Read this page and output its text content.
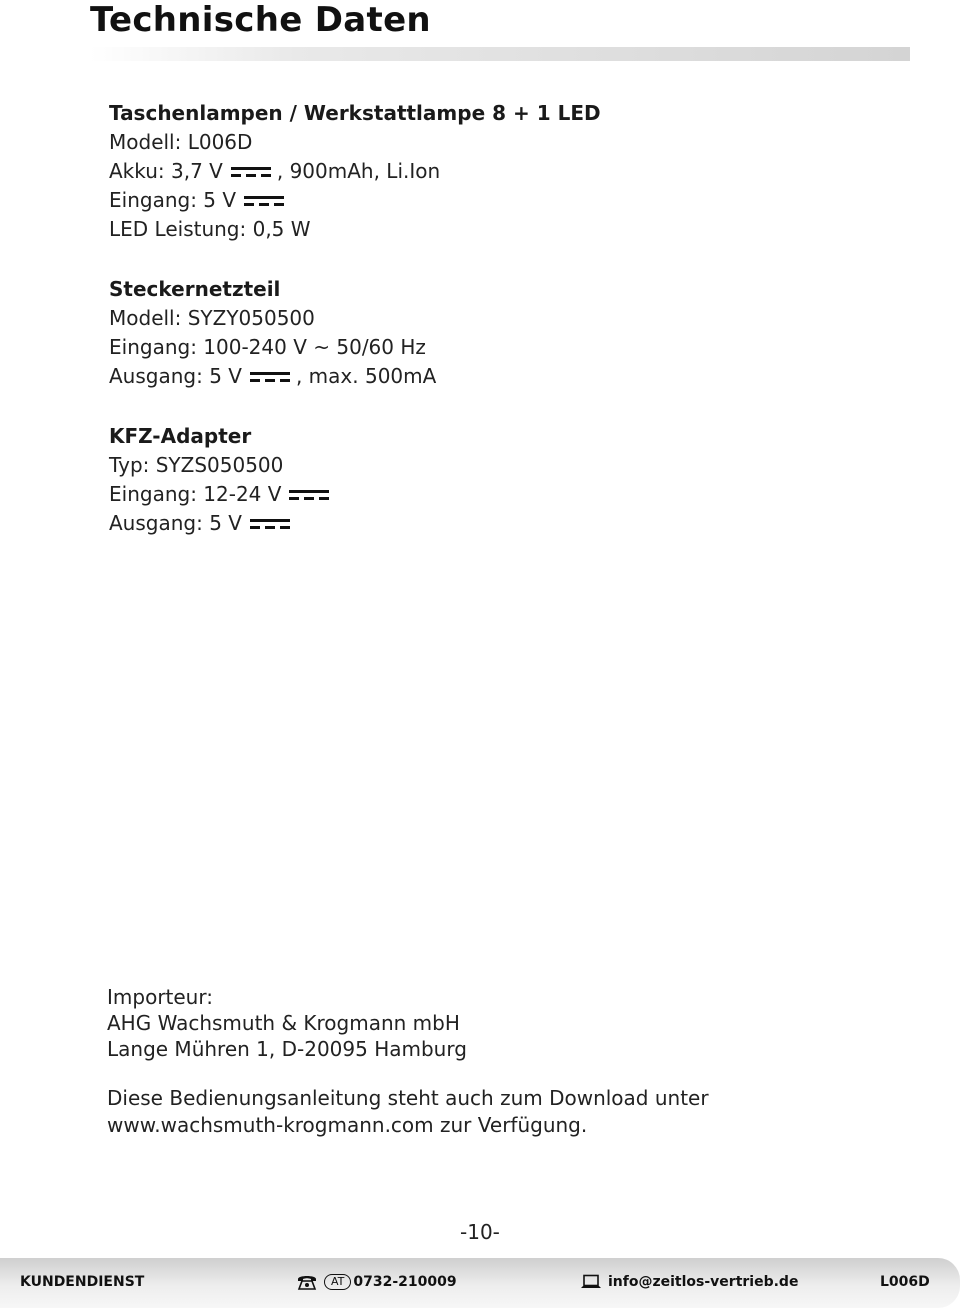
Technische Daten
Taschenlampen / Werkstattlampe 8 + 1 LED
Modell: L006D
Akku: 3,7 V	, 900mAh, Li.Ion
Eingang: 5 V
LED Leistung: 0,5 W
Steckernetzteil
Modell: SYZY050500
Eingang: 100-240 V ~ 50/60 Hz
Ausgang: 5 V	, max. 500mA
KFZ-Adapter
Typ: SYZS050500
Eingang: 12-24 V
Ausgang: 5 V
Importeur:
AHG Wachsmuth & Krogmann mbH
Lange Mühren 1, D-20095 Hamburg
Diese Bedienungsanleitung steht auch zum Download unter
www.wachsmuth-krogmann.com zur Verfügung.
-10-
KUNDENDIENST	AT 0732-210009	info@zeitlos-vertrieb.de	L006D
